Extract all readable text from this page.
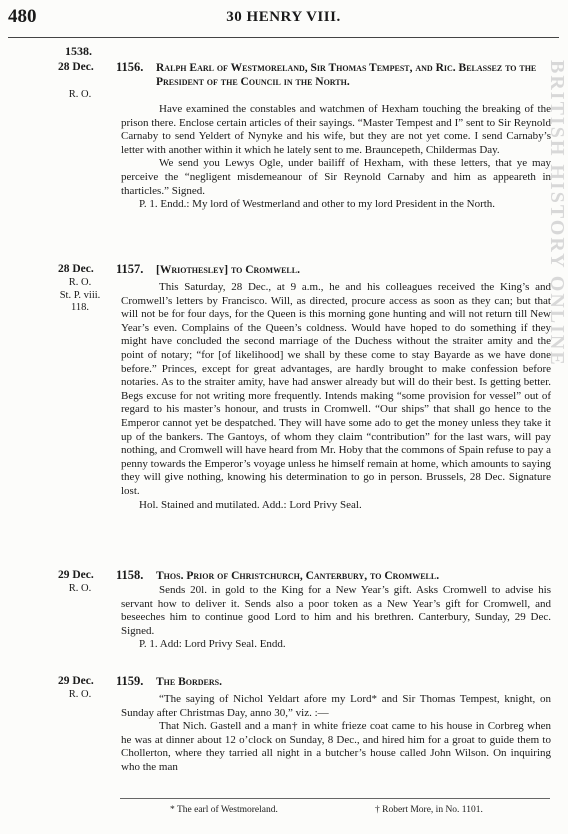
480	30 HENRY VIII.
BRITISH HISTORY ONLINE
1538.
28 Dec.
R. O.
1156. Ralph Earl of Westmoreland, Sir Thomas Tempest, and Ric. Belassez to the President of the Council in the North.

Have examined the constables and watchmen of Hexham touching the breaking of the prison there. Enclose certain articles of their sayings. “Master Tempest and I” sent to Sir Reynold Carnaby to send Yeldert of Nynyke and his wife, but they are not yet come. I send Carnaby’s letter with another within it which he lately sent to me. Brauncepeth, Childermas Day.

We send you Lewys Ogle, under bailiff of Hexham, with these letters, that ye may perceive the “negligent misdemeanour of Sir Reynold Carnaby and him as appeareth in tharticles.” Signed.

P. 1. Endd.: My lord of Westmerland and other to my lord President in the North.

28 Dec.
R. O.
St. P. viii.
118.
1157. [Wriothesley] to Cromwell.

This Saturday, 28 Dec., at 9 a.m., he and his colleagues received the King’s and Cromwell’s letters by Francisco. Will, as directed, procure access as soon as they can; but that will not be for four days, for the Queen is this morning gone hunting and will not return till New Year’s even. Complains of the Queen’s coldness. Would have hoped to do something if they might have concluded the second marriage of the Duchess without the straiter amity and the point of notary; “for [of likelihood] we shall by these come to stay Bayarde as we have done before.” Princes, except for great advantages, are hardly brought to make confession before notaries. As to the straiter amity, have had answer already but will do their best. Is getting better. Begs excuse for not writing more frequently. Intends making “some provision for vessel” out of regard to his master’s honour, and trusts in Cromwell. “Our ships” that shall go hence to the Emperor cannot yet be despatched. They will have some ado to get the money unless they take it up of the bankers. The Gantoys, of whom they claim “contribution” for the last wars, will pay nothing, and Cromwell will have heard from Mr. Hoby that the commons of Spain refuse to pay a penny towards the Emperor’s voyage unless he himself remain at home, which amounts to saying they will give nothing, knowing his determination to go in person. Brussels, 28 Dec. Signature lost.

Hol. Stained and mutilated. Add.: Lord Privy Seal.

29 Dec.
R. O.
1158. Thos. Prior of Christchurch, Canterbury, to Cromwell.

Sends 20l. in gold to the King for a New Year’s gift. Asks Cromwell to advise his servant how to deliver it. Sends also a poor token as a New Year’s gift for Cromwell, and beseeches him to continue good Lord to him and his brethren. Canterbury, Sunday, 29 Dec. Signed.

P. 1. Add: Lord Privy Seal. Endd.

29 Dec.
R. O.
1159. The Borders.

“The saying of Nichol Yeldart afore my Lord* and Sir Thomas Tempest, knight, on Sunday after Christmas Day, anno 30,” viz. :—

That Nich. Gastell and a man† in white frieze coat came to his house in Corbreg when he was at dinner about 12 o’clock on Sunday, 8 Dec., and hired him for a groat to guide them to Chollerton, where they tarried all night in a butcher’s house called John Wilson. On inquiring who the man

* The earl of Westmoreland.	† Robert More, in No. 1101.
